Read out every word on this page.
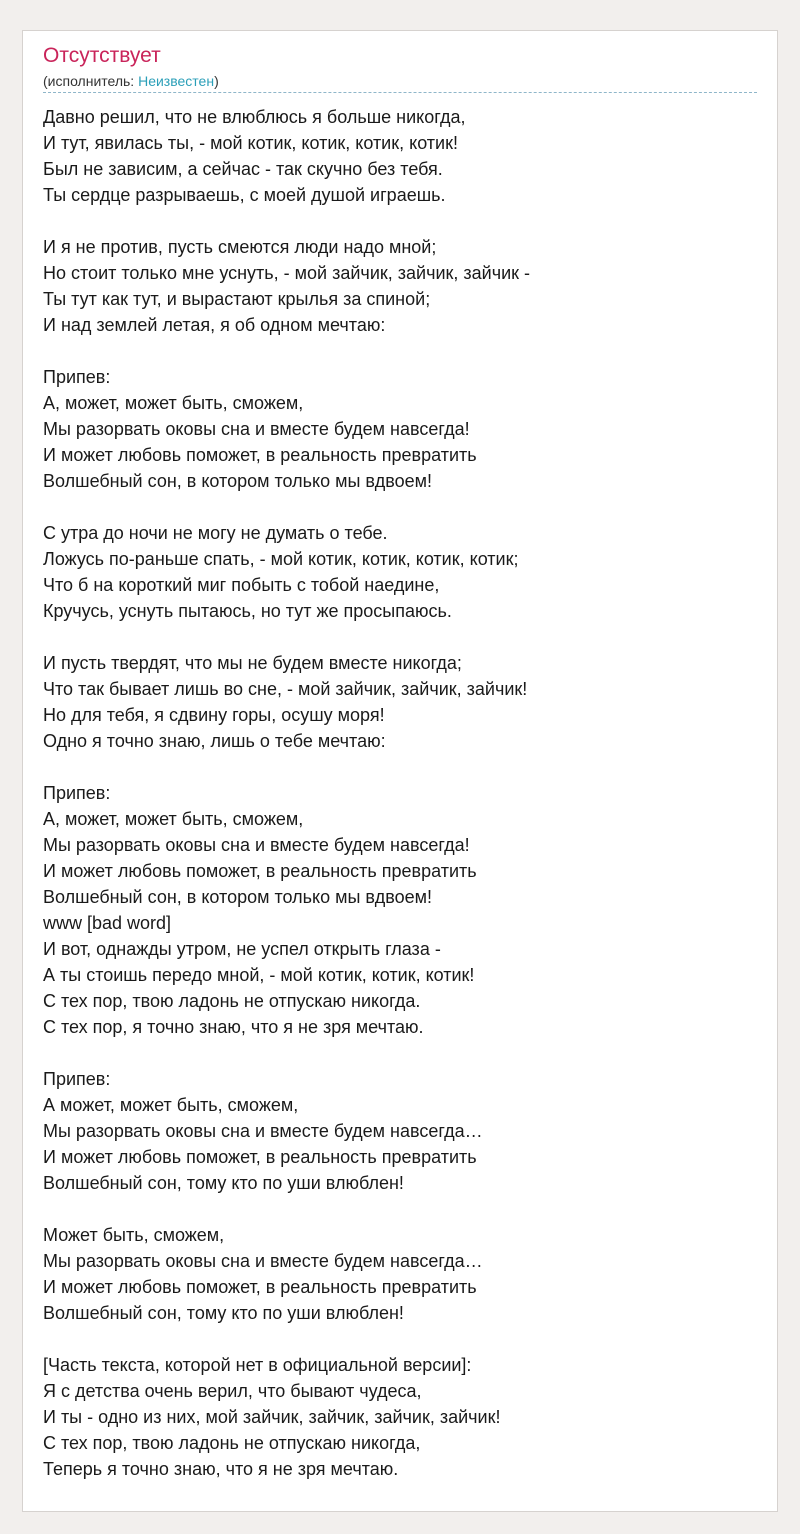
Отсутствует
(исполнитель: Неизвестен)
Давно решил, что не влюблюсь я больше никогда,
И тут, явилась ты, - мой котик, котик, котик, котик!
Был не зависим, а сейчас - так скучно без тебя.
Ты сердце разрываешь, с моей душой играешь.
И я не против, пусть смеются люди надо мной;
Но стоит только мне уснуть, - мой зайчик, зайчик, зайчик -
Ты тут как тут, и вырастают крылья за спиной;
И над землей летая, я об одном мечтаю:
Припев:
А, может, может быть, сможем,
Мы разорвать оковы сна и вместе будем навсегда!
И может любовь поможет, в реальность превратить
Волшебный сон, в котором только мы вдвоем!
С утра до ночи не могу не думать о тебе.
Ложусь по-раньше спать, - мой котик, котик, котик, котик;
Что б на короткий миг побыть с тобой наедине,
Кручусь, уснуть пытаюсь, но тут же просыпаюсь.
И пусть твердят, что мы не будем вместе никогда;
Что так бывает лишь во сне, - мой зайчик, зайчик, зайчик!
Но для тебя, я сдвину горы, осушу моря!
Одно я точно знаю, лишь о тебе мечтаю:
Припев:
А, может, может быть, сможем,
Мы разорвать оковы сна и вместе будем навсегда!
И может любовь поможет, в реальность превратить
Волшебный сон, в котором только мы вдвоем!
www [bad word]
И вот, однажды утром, не успел открыть глаза -
А ты стоишь передо мной, - мой котик, котик, котик!
С тех пор, твою ладонь не отпускаю никогда.
С тех пор, я точно знаю, что я не зря мечтаю.
Припев:
А может, может быть, сможем,
Мы разорвать оковы сна и вместе будем навсегда…
И может любовь поможет, в реальность превратить
Волшебный сон, тому кто по уши влюблен!
Может быть, сможем,
Мы разорвать оковы сна и вместе будем навсегда…
И может любовь поможет, в реальность превратить
Волшебный сон, тому кто по уши влюблен!
[Часть текста, которой нет в официальной версии]:
Я с детства очень верил, что бывают чудеса,
И ты - одно из них, мой зайчик, зайчик, зайчик, зайчик!
С тех пор, твою ладонь не отпускаю никогда,
Теперь я точно знаю, что я не зря мечтаю.
